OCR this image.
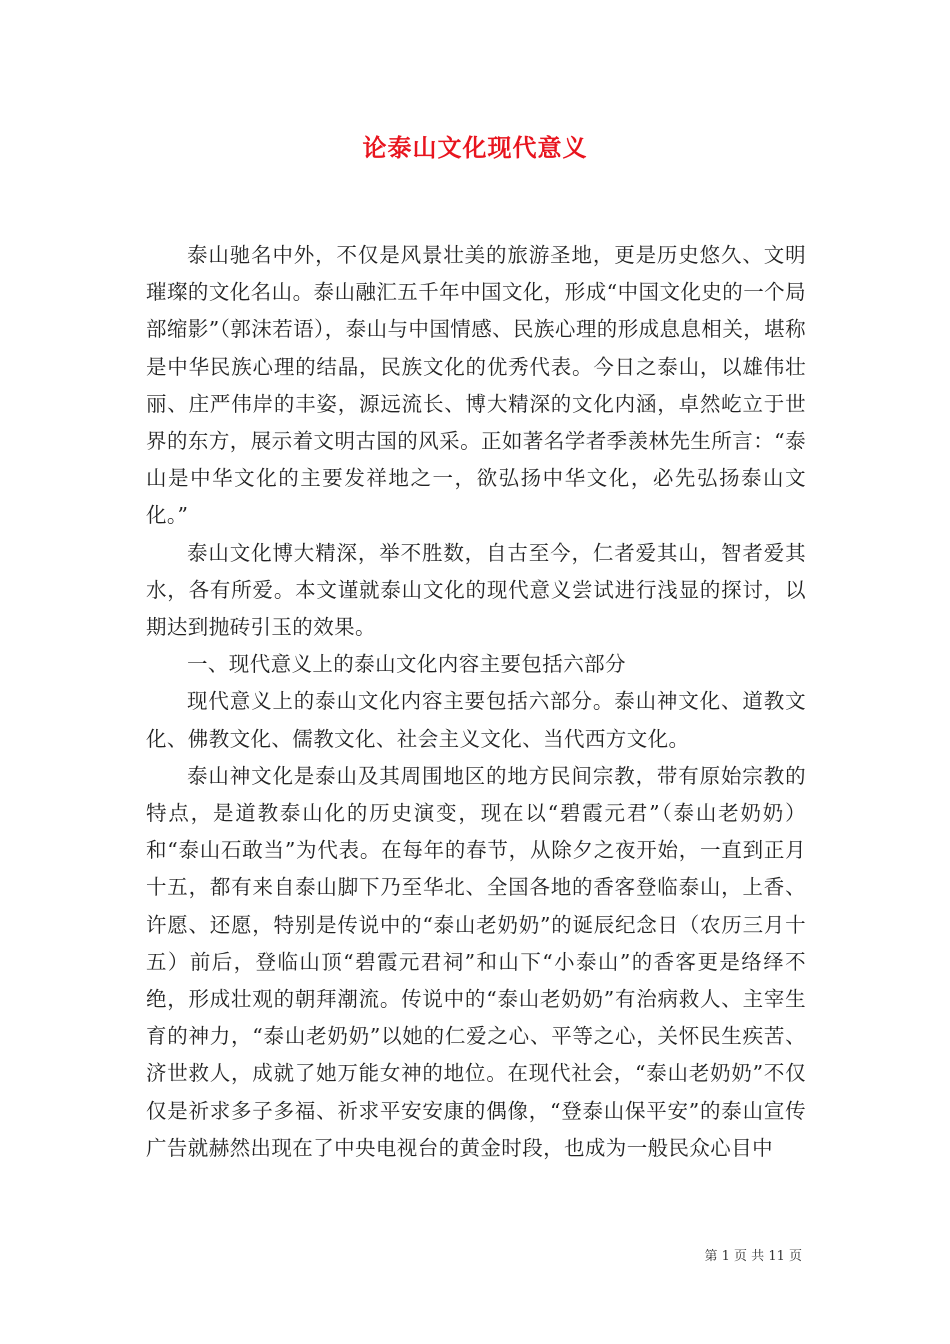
论泰山文化现代意义

泰山驰名中外，不仅是风景壮美的旅游圣地，更是历史悠久、文明璀璨的文化名山。泰山融汇五千年中国文化，形成“中国文化史的一个局部缩影”（郭沫若语），泰山与中国情感、民族心理的形成息息相关，堪称是中华民族心理的结晶，民族文化的优秀代表。今日之泰山，以雄伟壮丽、庄严伟岸的丰姿，源远流长、博大精深的文化内涵，卓然屹立于世界的东方，展示着文明古国的风采。正如著名学者季羡林先生所言：“泰山是中华文化的主要发祥地之一，欲弘扬中华文化，必先弘扬泰山文化。”

泰山文化博大精深，举不胜数，自古至今，仁者爱其山，智者爱其水，各有所爱。本文谨就泰山文化的现代意义尝试进行浅显的探讨，以期达到抛砖引玉的效果。

一、现代意义上的泰山文化内容主要包括六部分

现代意义上的泰山文化内容主要包括六部分。泰山神文化、道教文化、佛教文化、儒教文化、社会主义文化、当代西方文化。

泰山神文化是泰山及其周围地区的地方民间宗教，带有原始宗教的特点，是道教泰山化的历史演变，现在以“碧霞元君”（泰山老奶奶）和“泰山石敢当”为代表。在每年的春节，从除夕之夜开始，一直到正月十五，都有来自泰山脚下乃至华北、全国各地的香客登临泰山，上香、许愿、还愿，特别是传说中的“泰山老奶奶”的诞辰纪念日（农历三月十五）前后，登临山顶“碧霞元君祠”和山下“小泰山”的香客更是络绎不绝，形成壮观的朝拜潮流。传说中的“泰山老奶奶”有治病救人、主宰生育的神力，“泰山老奶奶”以她的仁爱之心、平等之心，关怀民生疾苦、济世救人，成就了她万能女神的地位。在现代社会，“泰山老奶奶”不仅仅是祈求多子多福、祈求平安安康的偶像，“登泰山保平安”的泰山宣传广告就赫然出现在了中央电视台的黄金时段，也成为一般民众心目中

第 1 页 共 11 页
